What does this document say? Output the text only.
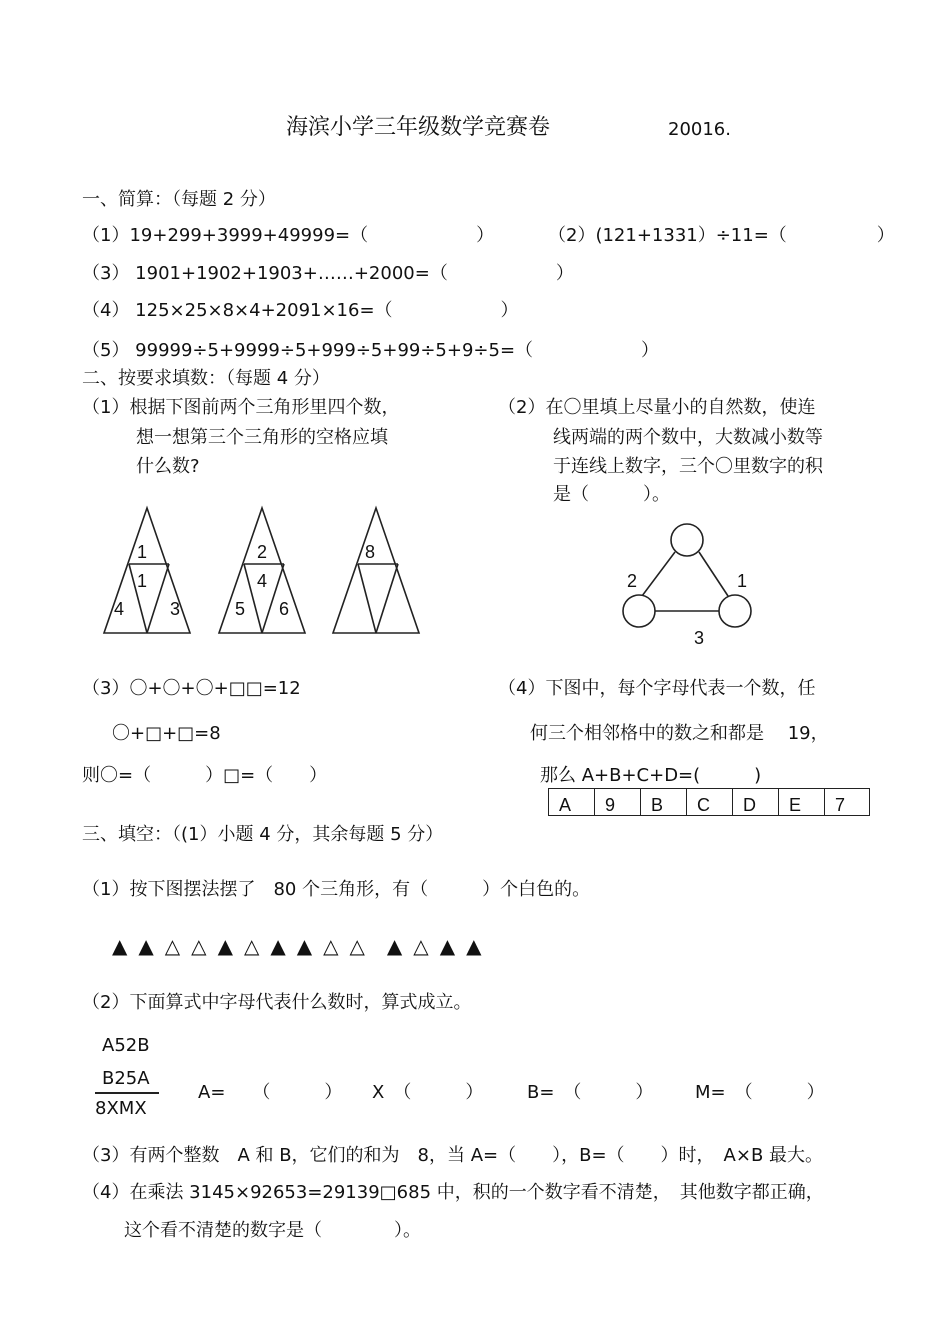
海滨小学三年级数学竞赛卷	20016.
一、简算：（每题 2 分）
（1）19+299+3999+49999=（　　　　　　）	（2）(121+1331）÷11=（　　　　　）
（3） 1901+1902+1903+……+2000=（　　　　　　）
（4） 125×25×8×4+2091×16=（　　　　　　）
（5） 99999÷5+9999÷5+999÷5+99÷5+9÷5=（　　　　　　）
二、按要求填数：（每题 4 分）
（1）根据下图前两个三角形里四个数，
想一想第三个三角形的空格应填
什么数?
（2）在〇里填上尽量小的自然数，使连
线两端的两个数中，大数减小数等
于连线上数字，三个〇里数字的积
是（　　　）。
1
1
4	3
2
4
5 6
8
2	1
3
（3）〇+〇+〇+□□=12
〇+□+□=8
则〇=（　　　）□=（　　）
（4）下图中，每个字母代表一个数，任
何三个相邻格中的数之和都是　 19，
那么 A+B+C+D=(　　　)
A	9	B	C	D	E	7
三、填空：（(1）小题 4 分，其余每题 5 分）
（1）按下图摆法摆了　80 个三角形，有（　　　）个白色的。
▲ ▲ △ △ ▲ △ ▲ ▲ △ △ ▲ △ ▲ ▲
（2）下面算式中字母代表什么数时，算式成立。
A52B
B25A
8XMX
A=　　（　　　） X　（　　　） B=　（　　　） M=　（　　　）
（3）有两个整数　A 和 B，它们的和为　8，当 A=（　　），B=（　　）时，　A×B 最大。
（4）在乘法 3145×92653=29139□685 中，积的一个数字看不清楚，　其他数字都正确，
这个看不清楚的数字是（　　　　）。
